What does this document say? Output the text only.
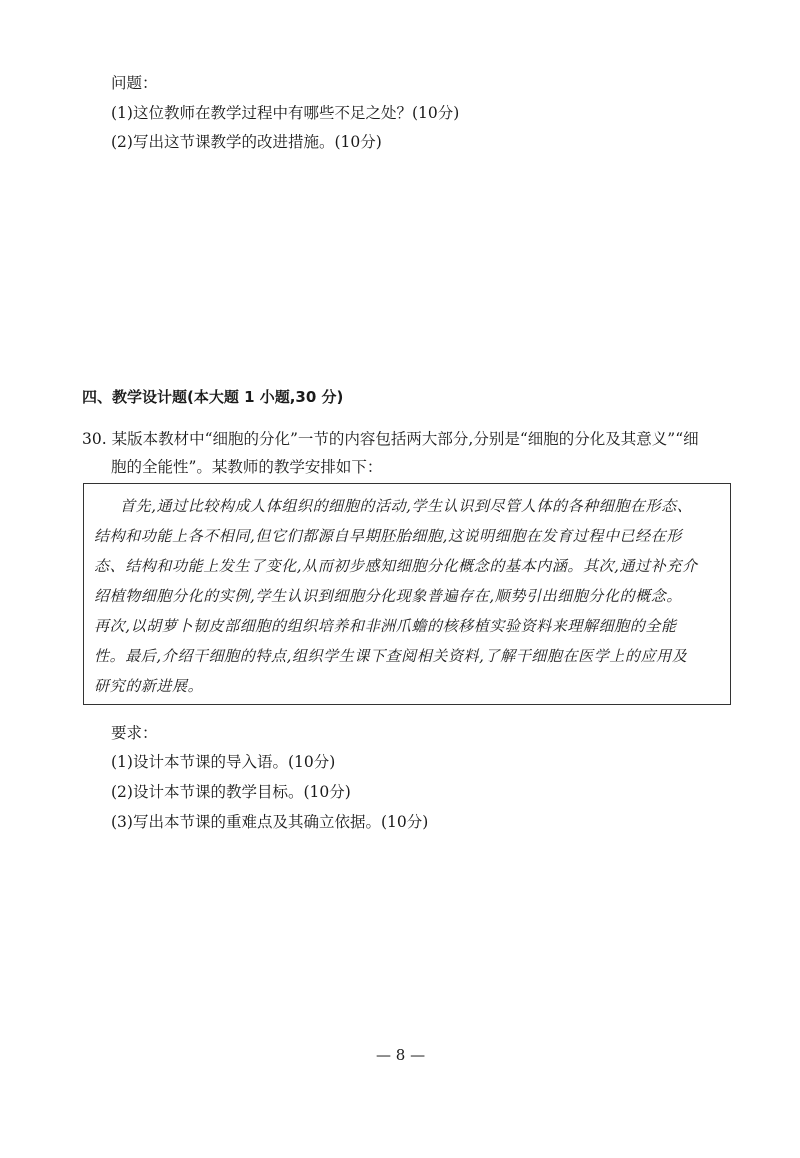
问题：
(1)这位教师在教学过程中有哪些不足之处？(10分)
(2)写出这节课教学的改进措施。(10分)
四、教学设计题(本大题 1 小题,30 分)
30. 某版本教材中“细胞的分化”一节的内容包括两大部分,分别是“细胞的分化及其意义”“细
胞的全能性”。某教师的教学安排如下：
首先,通过比较构成人体组织的细胞的活动,学生认识到尽管人体的各种细胞在形态、
结构和功能上各不相同,但它们都源自早期胚胎细胞,这说明细胞在发育过程中已经在形
态、结构和功能上发生了变化,从而初步感知细胞分化概念的基本内涵。其次,通过补充介
绍植物细胞分化的实例,学生认识到细胞分化现象普遍存在,顺势引出细胞分化的概念。
再次,以胡萝卜韧皮部细胞的组织培养和非洲爪蟾的核移植实验资料来理解细胞的全能
性。最后,介绍干细胞的特点,组织学生课下查阅相关资料,了解干细胞在医学上的应用及
研究的新进展。
要求：
(1)设计本节课的导入语。(10分)
(2)设计本节课的教学目标。(10分)
(3)写出本节课的重难点及其确立依据。(10分)
— 8 —
